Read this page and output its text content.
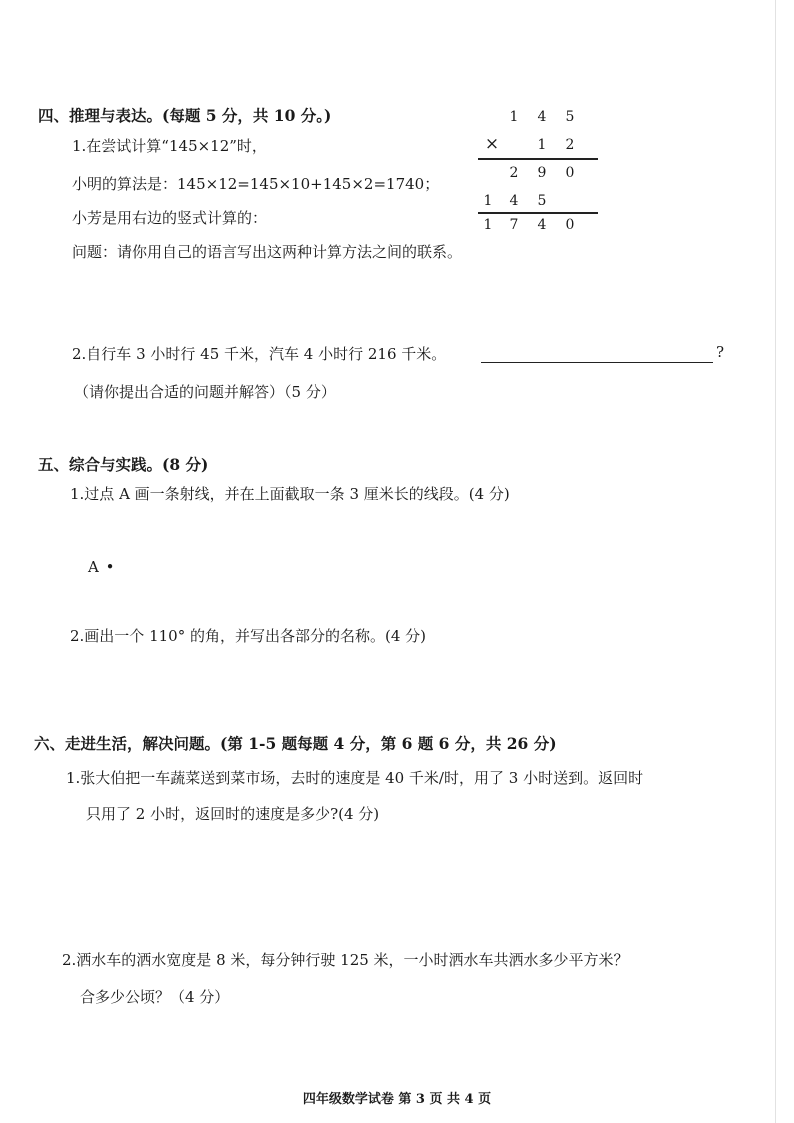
四、推理与表达。(每题 5 分，共 10 分。)
1.在尝试计算“145×12”时，
小明的算法是：145×12=145×10+145×2=1740；
小芳是用右边的竖式计算的：
问题：请你用自己的语言写出这两种计算方法之间的联系。
1 4 5
×	1 2
2 9 0
1 4 5
1 7 4 0
2.自行车 3 小时行 45 千米，汽车 4 小时行 216 千米。	?
（请你提出合适的问题并解答）（5 分）
五、综合与实践。(8 分)
1.过点 A 画一条射线，并在上面截取一条 3 厘米长的线段。(4 分)
A •
2.画出一个 110° 的角，并写出各部分的名称。(4 分)
六、走进生活，解决问题。(第 1-5 题每题 4 分，第 6 题 6 分，共 26 分)
1.张大伯把一车蔬菜送到菜市场，去时的速度是 40 千米/时，用了 3 小时送到。返回时
只用了 2 小时，返回时的速度是多少?(4 分)
2.洒水车的洒水宽度是 8 米，每分钟行驶 125 米，一小时洒水车共洒水多少平方米？
合多少公顷？（4 分）
四年级数学试卷 第 3 页 共 4 页
